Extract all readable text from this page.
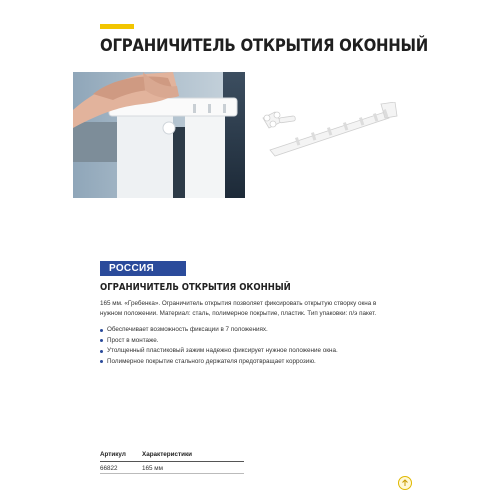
ОГРАНИЧИТЕЛЬ ОТКРЫТИЯ ОКОННЫЙ
РОССИЯ
ОГРАНИЧИТЕЛЬ ОТКРЫТИЯ ОКОННЫЙ
165 мм. «Гребенка». Ограничитель открытия позволяет фиксировать открытую створку окна в нужном положении. Материал: сталь, полимерное покрытие, пластик. Тип упаковки: п/э пакет.
Обеспечивает возможность фиксации в 7 положениях.
Прост в монтаже.
Утолщенный пластиковый зажим надежно фиксирует нужное положение окна.
Полимерное покрытие стального держателя предотвращает коррозию.
Артикул	Характеристики
66822	165 мм
